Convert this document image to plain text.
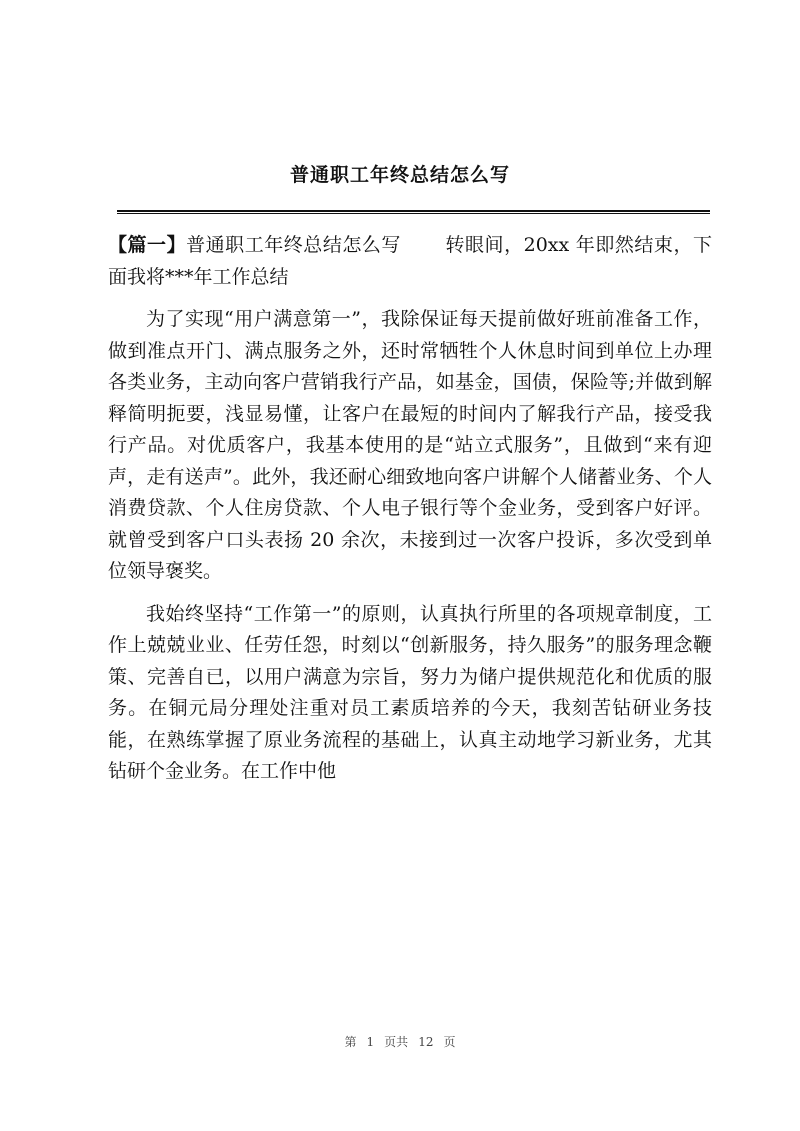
普通职工年终总结怎么写

【篇一】普通职工年终总结怎么写 转眼间，20xx 年即然结束，下面我将***年工作总结

为了实现“用户满意第一”，我除保证每天提前做好班前准备工作，做到准点开门、满点服务之外，还时常牺牲个人休息时间到单位上办理各类业务，主动向客户营销我行产品，如基金，国债，保险等;并做到解释简明扼要，浅显易懂，让客户在最短的时间内了解我行产品，接受我行产品。对优质客户，我基本使用的是“站立式服务”，且做到“来有迎声，走有送声”。此外，我还耐心细致地向客户讲解个人储蓄业务、个人消费贷款、个人住房贷款、个人电子银行等个金业务，受到客户好评。就曾受到客户口头表扬 20 余次，未接到过一次客户投诉，多次受到单位领导褒奖。

我始终坚持“工作第一”的原则，认真执行所里的各项规章制度，工作上兢兢业业、任劳任怨，时刻以“创新服务，持久服务”的服务理念鞭策、完善自已，以用户满意为宗旨，努力为储户提供规范化和优质的服务。在铜元局分理处注重对员工素质培养的今天，我刻苦钻研业务技能，在熟练掌握了原业务流程的基础上，认真主动地学习新业务，尤其钻研个金业务。在工作中他

第 1 页共 12 页
